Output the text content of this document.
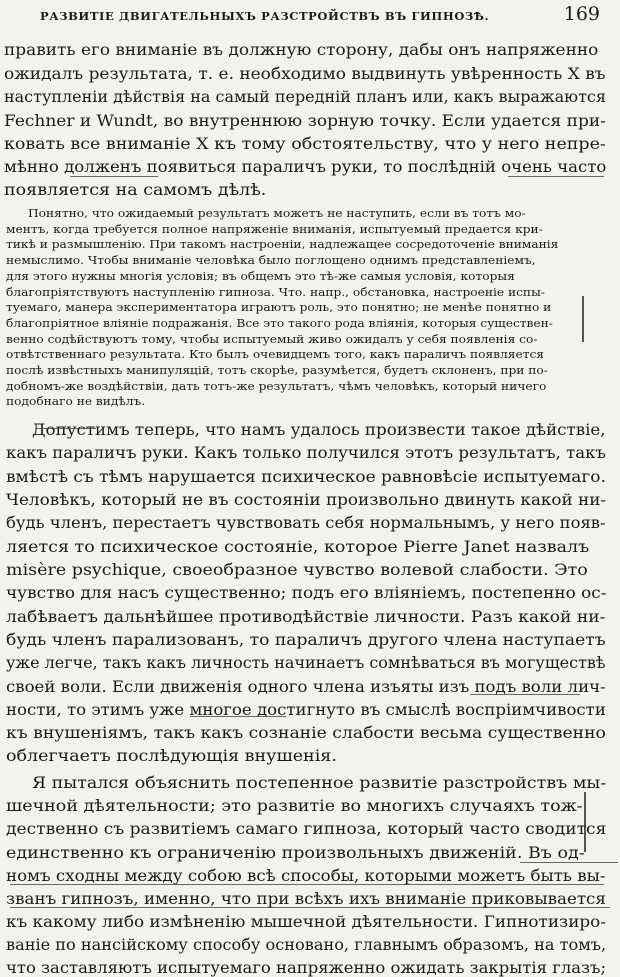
РАЗВИТІЕ ДВИГАТЕЛЬНЫХЪ РАЗСТРОЙСТВЪ ВЪ ГИПНОЗѢ.	169
править его вниманіе въ должную сторону, дабы онъ напряженно
ожидалъ результата, т. е. необходимо выдвинуть увѣренность X въ
наступленіи дѣйствія на самый передній планъ или, какъ выражаются
Fechner и Wundt, во внутреннюю зорную точку. Если удается при-
ковать все вниманіе X къ тому обстоятельству, что у него непре-
мѣнно долженъ появиться параличъ руки, то послѣдній очень часто
появляется на самомъ дѣлѣ.
Понятно, что ожидаемый результатъ можетъ не наступить, если въ тотъ мо-
ментъ, когда требуется полное напряженіе вниманія, испытуемый предается кри-
тикѣ и размышленію. При такомъ настроеніи, надлежащее сосредоточеніе вниманія
немыслимо. Чтобы вниманіе человѣка было поглощено однимъ представленіемъ,
для этого нужны многія условія; въ общемъ это тѣ-же самыя условія, которыя
благопріятствуютъ наступленію гипноза. Что. напр., обстановка, настроеніе испы-
туемаго, манера экспериментатора играютъ роль, это понятно; не менѣе понятно и
благопріятное вліяніе подражанія. Все это такого рода вліянія, которыя существен-
венно содѣйствуютъ тому, чтобы испытуемый живо ожидалъ у себя появленія со-
отвѣтственнаго результата. Кто былъ очевидцемъ того, какъ параличъ появляется
послѣ извѣстныхъ манипуляцій, тотъ скорѣе, разумѣется, будетъ склоненъ, при по-
добномъ-же воздѣйствіи, дать тотъ-же результатъ, чѣмъ человѣкъ, который ничего
подобнаго не видѣлъ.
Допустимъ теперь, что намъ удалось произвести такое дѣйствіе,
какъ параличъ руки. Какъ только получился этотъ результатъ, такъ
вмѣстѣ съ тѣмъ нарушается психическое равновѣсіе испытуемаго.
Человѣкъ, который не въ состояніи произвольно двинуть какой ни-
будь членъ, перестаетъ чувствовать себя нормальнымъ, у него появ-
ляется то психическое состояніе, которое Pierre Janet назвалъ
misère psychique, своеобразное чувство волевой слабости. Это
чувство для насъ существенно; подъ его вліяніемъ, постепенно ос-
лабѣваетъ дальнѣйшее противодѣйствіе личности. Разъ какой ни-
будь членъ парализованъ, то параличъ другого члена наступаетъ
уже легче, такъ какъ личность начинаетъ сомнѣваться въ могуществѣ
своей воли. Если движенія одного члена изъяты изъ подъ воли лич-
ности, то этимъ уже многое достигнуто въ смыслѣ воспріимчивости
къ внушеніямъ, такъ какъ сознаніе слабости весьма существенно
облегчаетъ послѣдующія внушенія.
Я пытался объяснить постепенное развитіе разстройствъ мы-
шечной дѣятельности; это развитіе во многихъ случаяхъ тож-
дественно съ развитіемъ самаго гипноза, который часто сводится
единственно къ ограниченію произвольныхъ движеній. Въ од-
номъ сходны между собою всѣ способы, которыми можетъ быть вы-
званъ гипнозъ, именно, что при всѣхъ ихъ вниманіе приковывается
къ какому либо измѣненію мышечной дѣятельности. Гипнотизиро-
ваніе по нансійскому способу основано, главнымъ образомъ, на томъ,
что заставляютъ испытуемаго напряженно ожидать закрытія глазъ;
